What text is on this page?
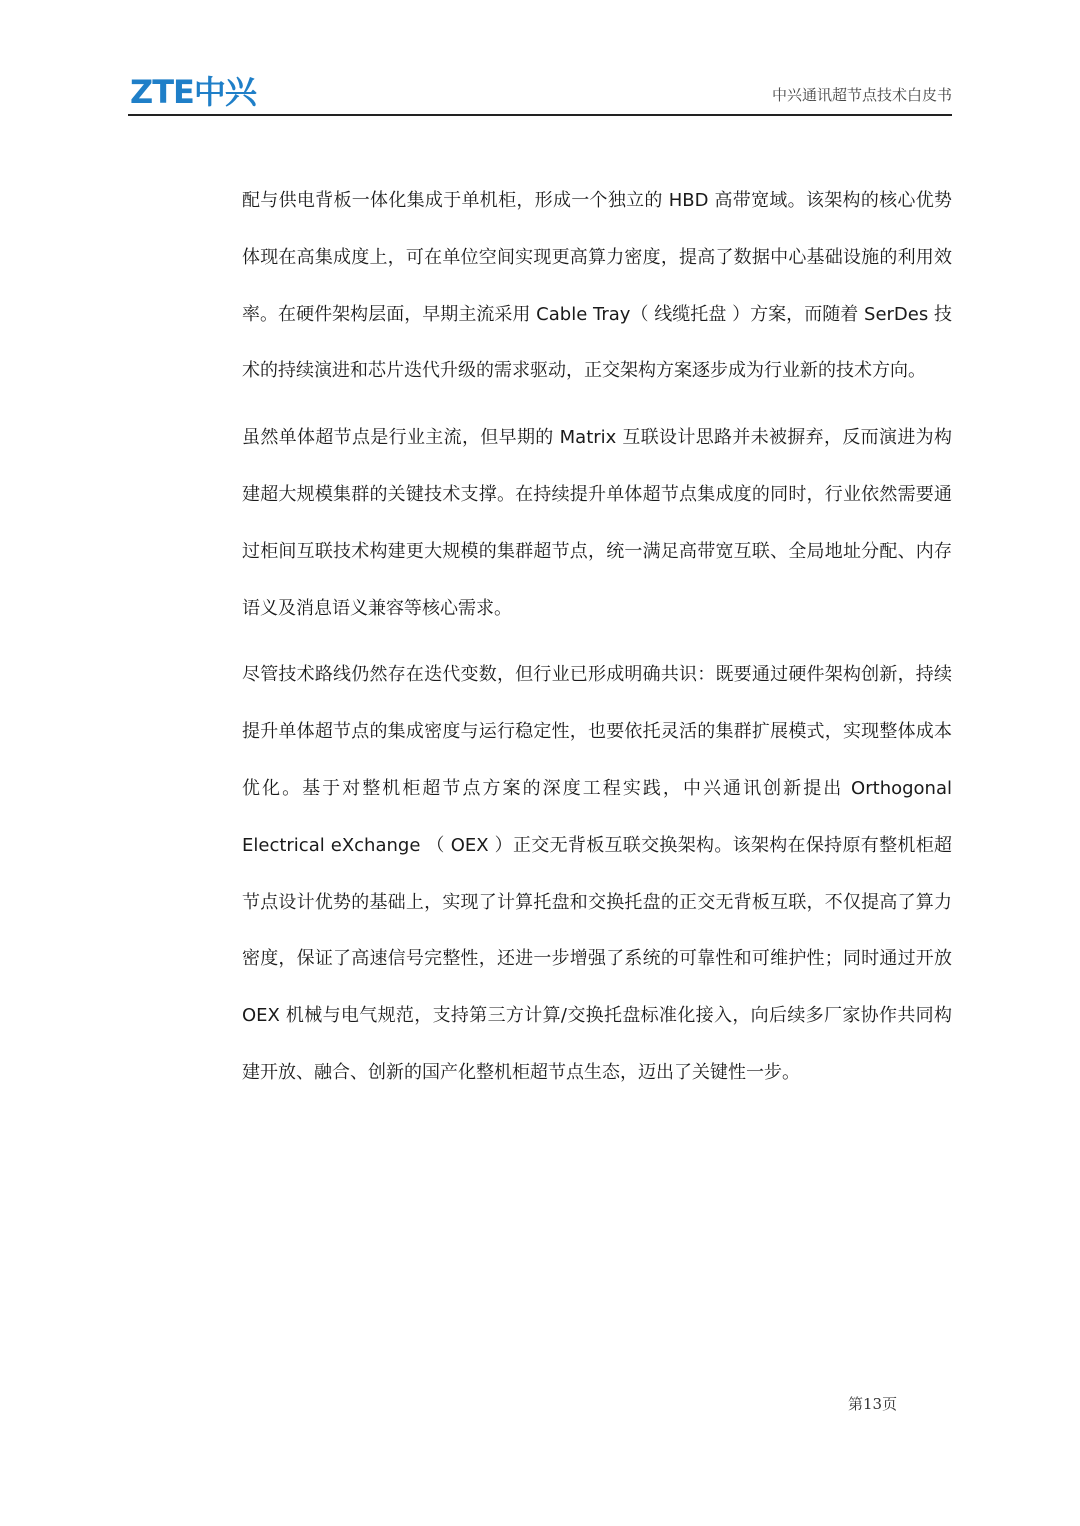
ZTE中兴	中兴通讯超节点技术白皮书

配与供电背板一体化集成于单机柜，形成一个独立的 HBD 高带宽域。该架构的核心优势体现在高集成度上，可在单位空间实现更高算力密度，提高了数据中心基础设施的利用效率。在硬件架构层面，早期主流采用 Cable Tray（ 线缆托盘 ）方案，而随着 SerDes 技术的持续演进和芯片迭代升级的需求驱动，正交架构方案逐步成为行业新的技术方向。

虽然单体超节点是行业主流，但早期的 Matrix 互联设计思路并未被摒弃，反而演进为构建超大规模集群的关键技术支撑。在持续提升单体超节点集成度的同时，行业依然需要通过柜间互联技术构建更大规模的集群超节点，统一满足高带宽互联、全局地址分配、内存语义及消息语义兼容等核心需求。

尽管技术路线仍然存在迭代变数，但行业已形成明确共识：既要通过硬件架构创新，持续提升单体超节点的集成密度与运行稳定性，也要依托灵活的集群扩展模式，实现整体成本优化。基于对整机柜超节点方案的深度工程实践，中兴通讯创新提出 Orthogonal Electrical eXchange （ OEX ）正交无背板互联交换架构。该架构在保持原有整机柜超节点设计优势的基础上，实现了计算托盘和交换托盘的正交无背板互联，不仅提高了算力密度，保证了高速信号完整性，还进一步增强了系统的可靠性和可维护性；同时通过开放 OEX 机械与电气规范，支持第三方计算/交换托盘标准化接入，向后续多厂家协作共同构建开放、融合、创新的国产化整机柜超节点生态，迈出了关键性一步。

第13页
